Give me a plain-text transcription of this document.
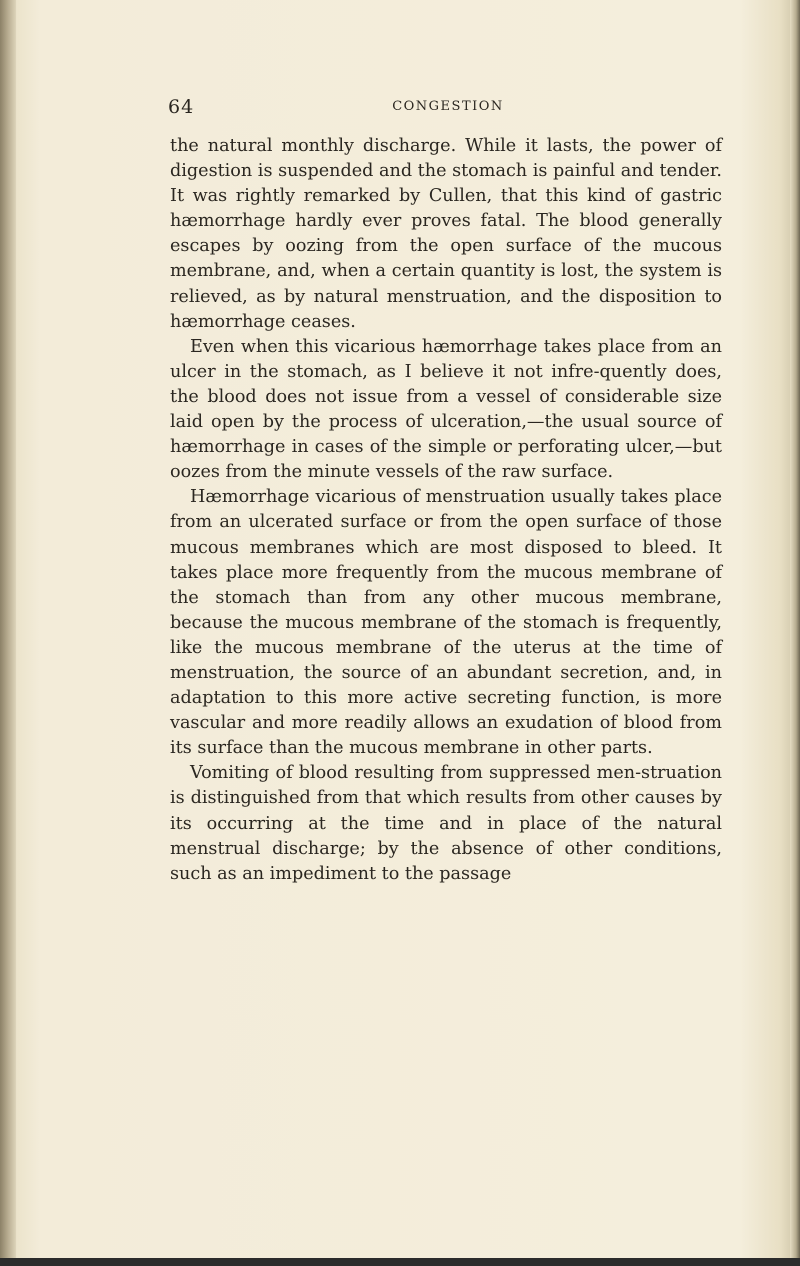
64	CONGESTION

the natural monthly discharge. While it lasts, the power of digestion is suspended and the stomach is painful and tender. It was rightly remarked by Cullen, that this kind of gastric hæmorrhage hardly ever proves fatal. The blood generally escapes by oozing from the open surface of the mucous membrane, and, when a certain quantity is lost, the system is relieved, as by natural menstruation, and the disposition to hæmorrhage ceases.

Even when this vicarious hæmorrhage takes place from an ulcer in the stomach, as I believe it not infre-quently does, the blood does not issue from a vessel of considerable size laid open by the process of ulceration,—the usual source of hæmorrhage in cases of the simple or perforating ulcer,—but oozes from the minute vessels of the raw surface.

Hæmorrhage vicarious of menstruation usually takes place from an ulcerated surface or from the open surface of those mucous membranes which are most disposed to bleed. It takes place more frequently from the mucous membrane of the stomach than from any other mucous membrane, because the mucous membrane of the stomach is frequently, like the mucous membrane of the uterus at the time of menstruation, the source of an abundant secretion, and, in adaptation to this more active secreting function, is more vascular and more readily allows an exudation of blood from its surface than the mucous membrane in other parts.

Vomiting of blood resulting from suppressed men-struation is distinguished from that which results from other causes by its occurring at the time and in place of the natural menstrual discharge; by the absence of other conditions, such as an impediment to the passage
